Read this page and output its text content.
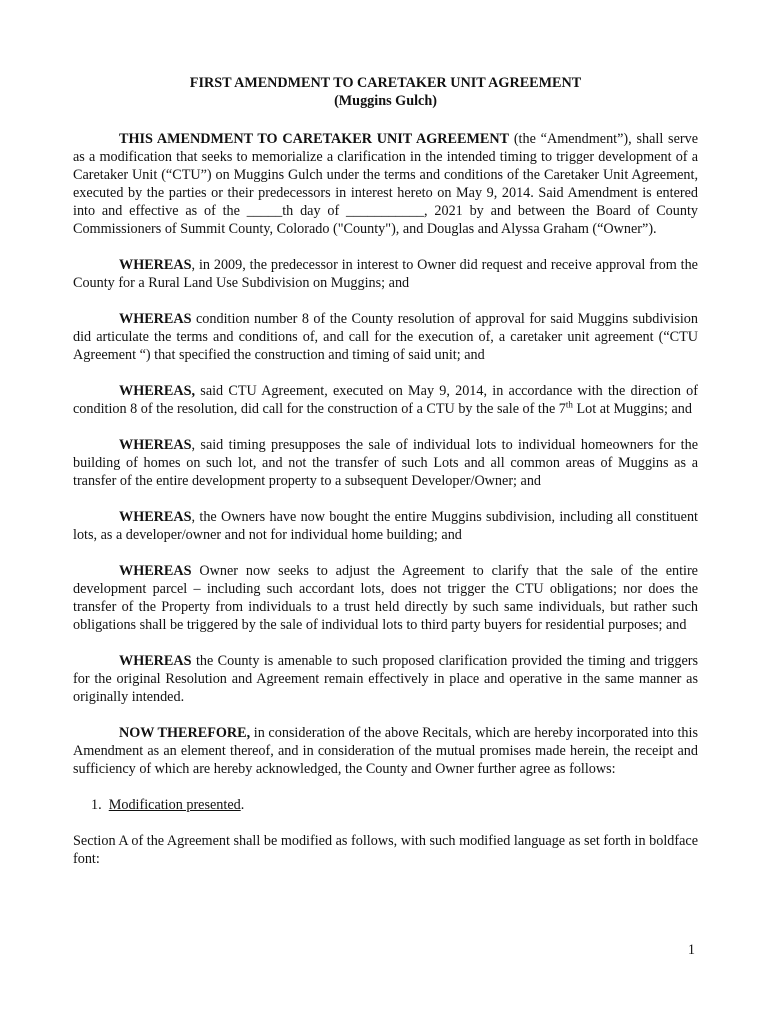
FIRST AMENDMENT TO CARETAKER UNIT AGREEMENT
(Muggins Gulch)

THIS AMENDMENT TO CARETAKER UNIT AGREEMENT (the “Amendment”), shall serve as a modification that seeks to memorialize a clarification in the intended timing to trigger development of a Caretaker Unit (“CTU”) on Muggins Gulch under the terms and conditions of the Caretaker Unit Agreement, executed by the parties or their predecessors in interest hereto on May 9, 2014. Said Amendment is entered into and effective as of the _____th day of ___________, 2021 by and between the Board of County Commissioners of Summit County, Colorado ("County"), and Douglas and Alyssa Graham (“Owner”).

WHEREAS, in 2009, the predecessor in interest to Owner did request and receive approval from the County for a Rural Land Use Subdivision on Muggins; and

WHEREAS condition number 8 of the County resolution of approval for said Muggins subdivision did articulate the terms and conditions of, and call for the execution of, a caretaker unit agreement (“CTU Agreement “) that specified the construction and timing of said unit; and

WHEREAS, said CTU Agreement, executed on May 9, 2014, in accordance with the direction of condition 8 of the resolution, did call for the construction of a CTU by the sale of the 7th Lot at Muggins; and

WHEREAS, said timing presupposes the sale of individual lots to individual homeowners for the building of homes on such lot, and not the transfer of such Lots and all common areas of Muggins as a transfer of the entire development property to a subsequent Developer/Owner; and

WHEREAS, the Owners have now bought the entire Muggins subdivision, including all constituent lots, as a developer/owner and not for individual home building; and

WHEREAS Owner now seeks to adjust the Agreement to clarify that the sale of the entire development parcel – including such accordant lots, does not trigger the CTU obligations; nor does the transfer of the Property from individuals to a trust held directly by such same individuals, but rather such obligations shall be triggered by the sale of individual lots to third party buyers for residential purposes; and

WHEREAS the County is amenable to such proposed clarification provided the timing and triggers for the original Resolution and Agreement remain effectively in place and operative in the same manner as originally intended.

NOW THEREFORE, in consideration of the above Recitals, which are hereby incorporated into this Amendment as an element thereof, and in consideration of the mutual promises made herein, the receipt and sufficiency of which are hereby acknowledged, the County and Owner further agree as follows:

1. Modification presented.

Section A of the Agreement shall be modified as follows, with such modified language as set forth in boldface font:

1
